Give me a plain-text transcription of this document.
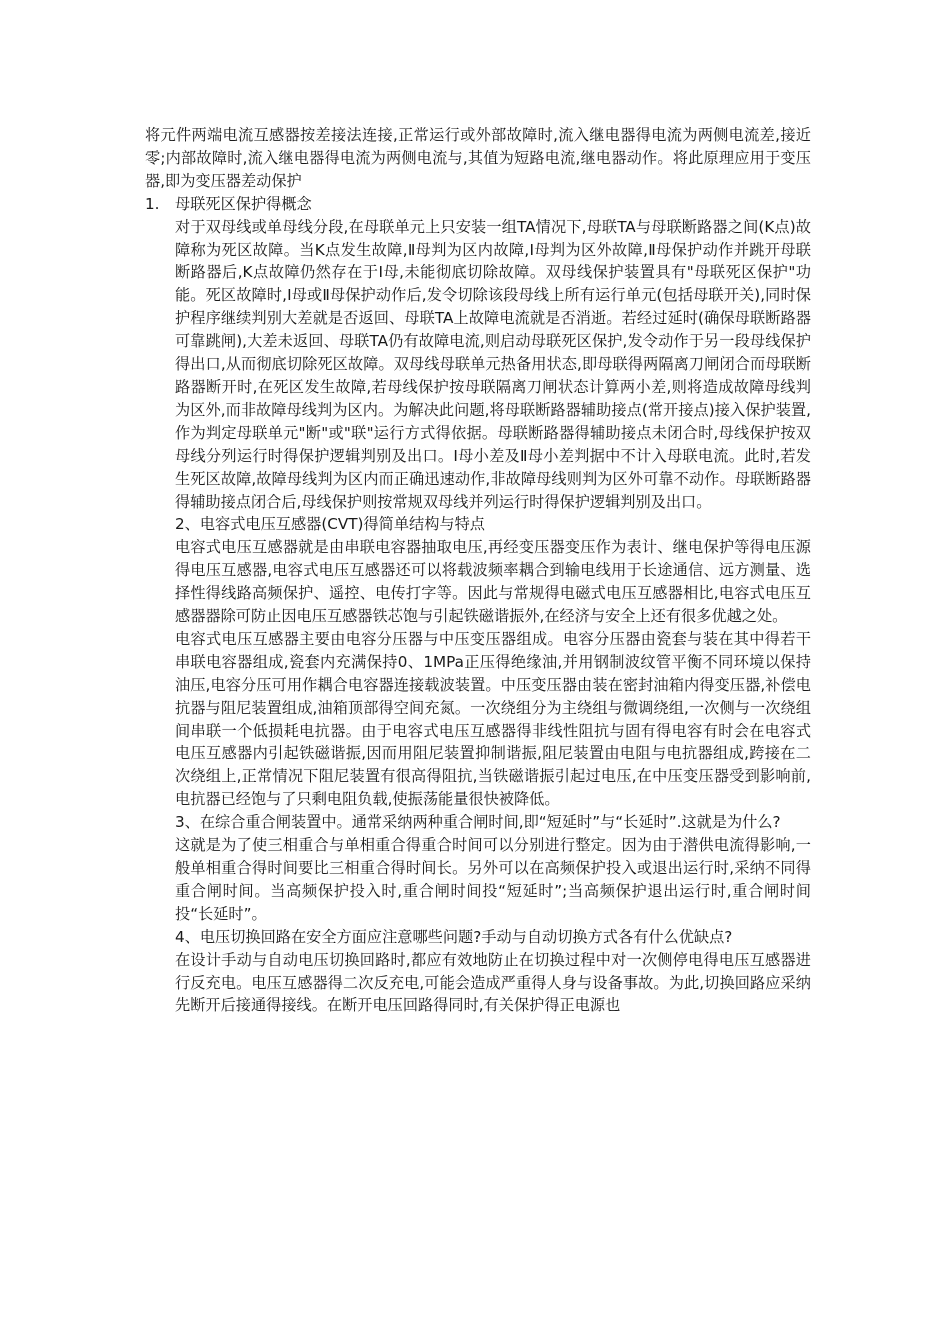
将元件两端电流互感器按差接法连接,正常运行或外部故障时,流入继电器得电流为两侧电流差,接近零;内部故障时,流入继电器得电流为两侧电流与,其值为短路电流,继电器动作。将此原理应用于变压器,即为变压器差动保护

1.	母联死区保护得概念

对于双母线或单母线分段,在母联单元上只安装一组TA情况下,母联TA与母联断路器之间(K点)故障称为死区故障。当K点发生故障,Ⅱ母判为区内故障,Ⅰ母判为区外故障,Ⅱ母保护动作并跳开母联断路器后,K点故障仍然存在于Ⅰ母,未能彻底切除故障。双母线保护装置具有"母联死区保护"功能。死区故障时,Ⅰ母或Ⅱ母保护动作后,发令切除该段母线上所有运行单元(包括母联开关),同时保护程序继续判别大差就是否返回、母联TA上故障电流就是否消逝。若经过延时(确保母联断路器可靠跳闸),大差未返回、母联TA仍有故障电流,则启动母联死区保护,发令动作于另一段母线保护得出口,从而彻底切除死区故障。双母线母联单元热备用状态,即母联得两隔离刀闸闭合而母联断路器断开时,在死区发生故障,若母线保护按母联隔离刀闸状态计算两小差,则将造成故障母线判为区外,而非故障母线判为区内。为解决此问题,将母联断路器辅助接点(常开接点)接入保护装置,作为判定母联单元"断"或"联"运行方式得依据。母联断路器得辅助接点未闭合时,母线保护按双母线分列运行时得保护逻辑判别及出口。Ⅰ母小差及Ⅱ母小差判据中不计入母联电流。此时,若发生死区故障,故障母线判为区内而正确迅速动作,非故障母线则判为区外可靠不动作。母联断路器得辅助接点闭合后,母线保护则按常规双母线并列运行时得保护逻辑判别及出口。

2、电容式电压互感器(CVT)得简单结构与特点

电容式电压互感器就是由串联电容器抽取电压,再经变压器变压作为表计、继电保护等得电压源得电压互感器,电容式电压互感器还可以将载波频率耦合到输电线用于长途通信、远方测量、选择性得线路高频保护、遥控、电传打字等。因此与常规得电磁式电压互感器相比,电容式电压互感器器除可防止因电压互感器铁芯饱与引起铁磁谐振外,在经济与安全上还有很多优越之处。

电容式电压互感器主要由电容分压器与中压变压器组成。电容分压器由瓷套与装在其中得若干串联电容器组成,瓷套内充满保持0、1MPa正压得绝缘油,并用钢制波纹管平衡不同环境以保持油压,电容分压可用作耦合电容器连接载波装置。中压变压器由装在密封油箱内得变压器,补偿电抗器与阻尼装置组成,油箱顶部得空间充氮。一次绕组分为主绕组与微调绕组,一次侧与一次绕组间串联一个低损耗电抗器。由于电容式电压互感器得非线性阻抗与固有得电容有时会在电容式电压互感器内引起铁磁谐振,因而用阻尼装置抑制谐振,阻尼装置由电阻与电抗器组成,跨接在二次绕组上,正常情况下阻尼装置有很高得阻抗,当铁磁谐振引起过电压,在中压变压器受到影响前,电抗器已经饱与了只剩电阻负载,使振荡能量很快被降低。

3、在综合重合闸装置中。通常采纳两种重合闸时间,即“短延时”与“长延时”.这就是为什么?

这就是为了使三相重合与单相重合得重合时间可以分别进行整定。因为由于潜供电流得影响,一般单相重合得时间要比三相重合得时间长。另外可以在高频保护投入或退出运行时,采纳不同得重合闸时间。当高频保护投入时,重合闸时间投“短延时”;当高频保护退出运行时,重合闸时间投“长延时”。

4、电压切换回路在安全方面应注意哪些问题?手动与自动切换方式各有什么优缺点?

在设计手动与自动电压切换回路时,都应有效地防止在切换过程中对一次侧停电得电压互感器进行反充电。电压互感器得二次反充电,可能会造成严重得人身与设备事故。为此,切换回路应采纳先断开后接通得接线。在断开电压回路得同时,有关保护得正电源也
